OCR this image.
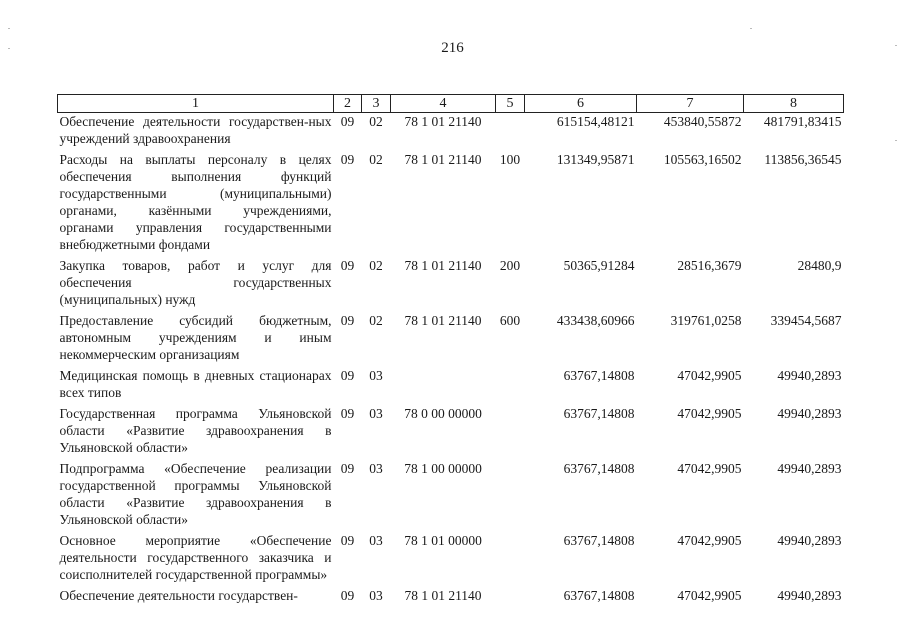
216
1	2	3	4	5	6	7	8
Обеспечение деятельности государствен-ных учреждений здравоохранения	09	02	78 1 01 21140		615154,48121	453840,55872	481791,83415
Расходы на выплаты персоналу в целях обеспечения выполнения функций государственными (муниципальными) органами, казёнными учреждениями, органами управления государственными внебюджетными фондами	09	02	78 1 01 21140	100	131349,95871	105563,16502	113856,36545
Закупка товаров, работ и услуг для обеспечения государственных (муниципальных) нужд	09	02	78 1 01 21140	200	50365,91284	28516,3679	28480,9
Предоставление субсидий бюджетным, автономным учреждениям и иным некоммерческим организациям	09	02	78 1 01 21140	600	433438,60966	319761,0258	339454,5687
Медицинская помощь в дневных стационарах всех типов	09	03			63767,14808	47042,9905	49940,2893
Государственная программа Ульяновской области «Развитие здравоохранения в Ульяновской области»	09	03	78 0 00 00000		63767,14808	47042,9905	49940,2893
Подпрограмма «Обеспечение реализации государственной программы Ульяновской области «Развитие здравоохранения в Ульяновской области»	09	03	78 1 00 00000		63767,14808	47042,9905	49940,2893
Основное мероприятие «Обеспечение деятельности государственного заказчика и соисполнителей государственной программы»	09	03	78 1 01 00000		63767,14808	47042,9905	49940,2893
Обеспечение деятельности государствен-	09	03	78 1 01 21140		63767,14808	47042,9905	49940,2893
